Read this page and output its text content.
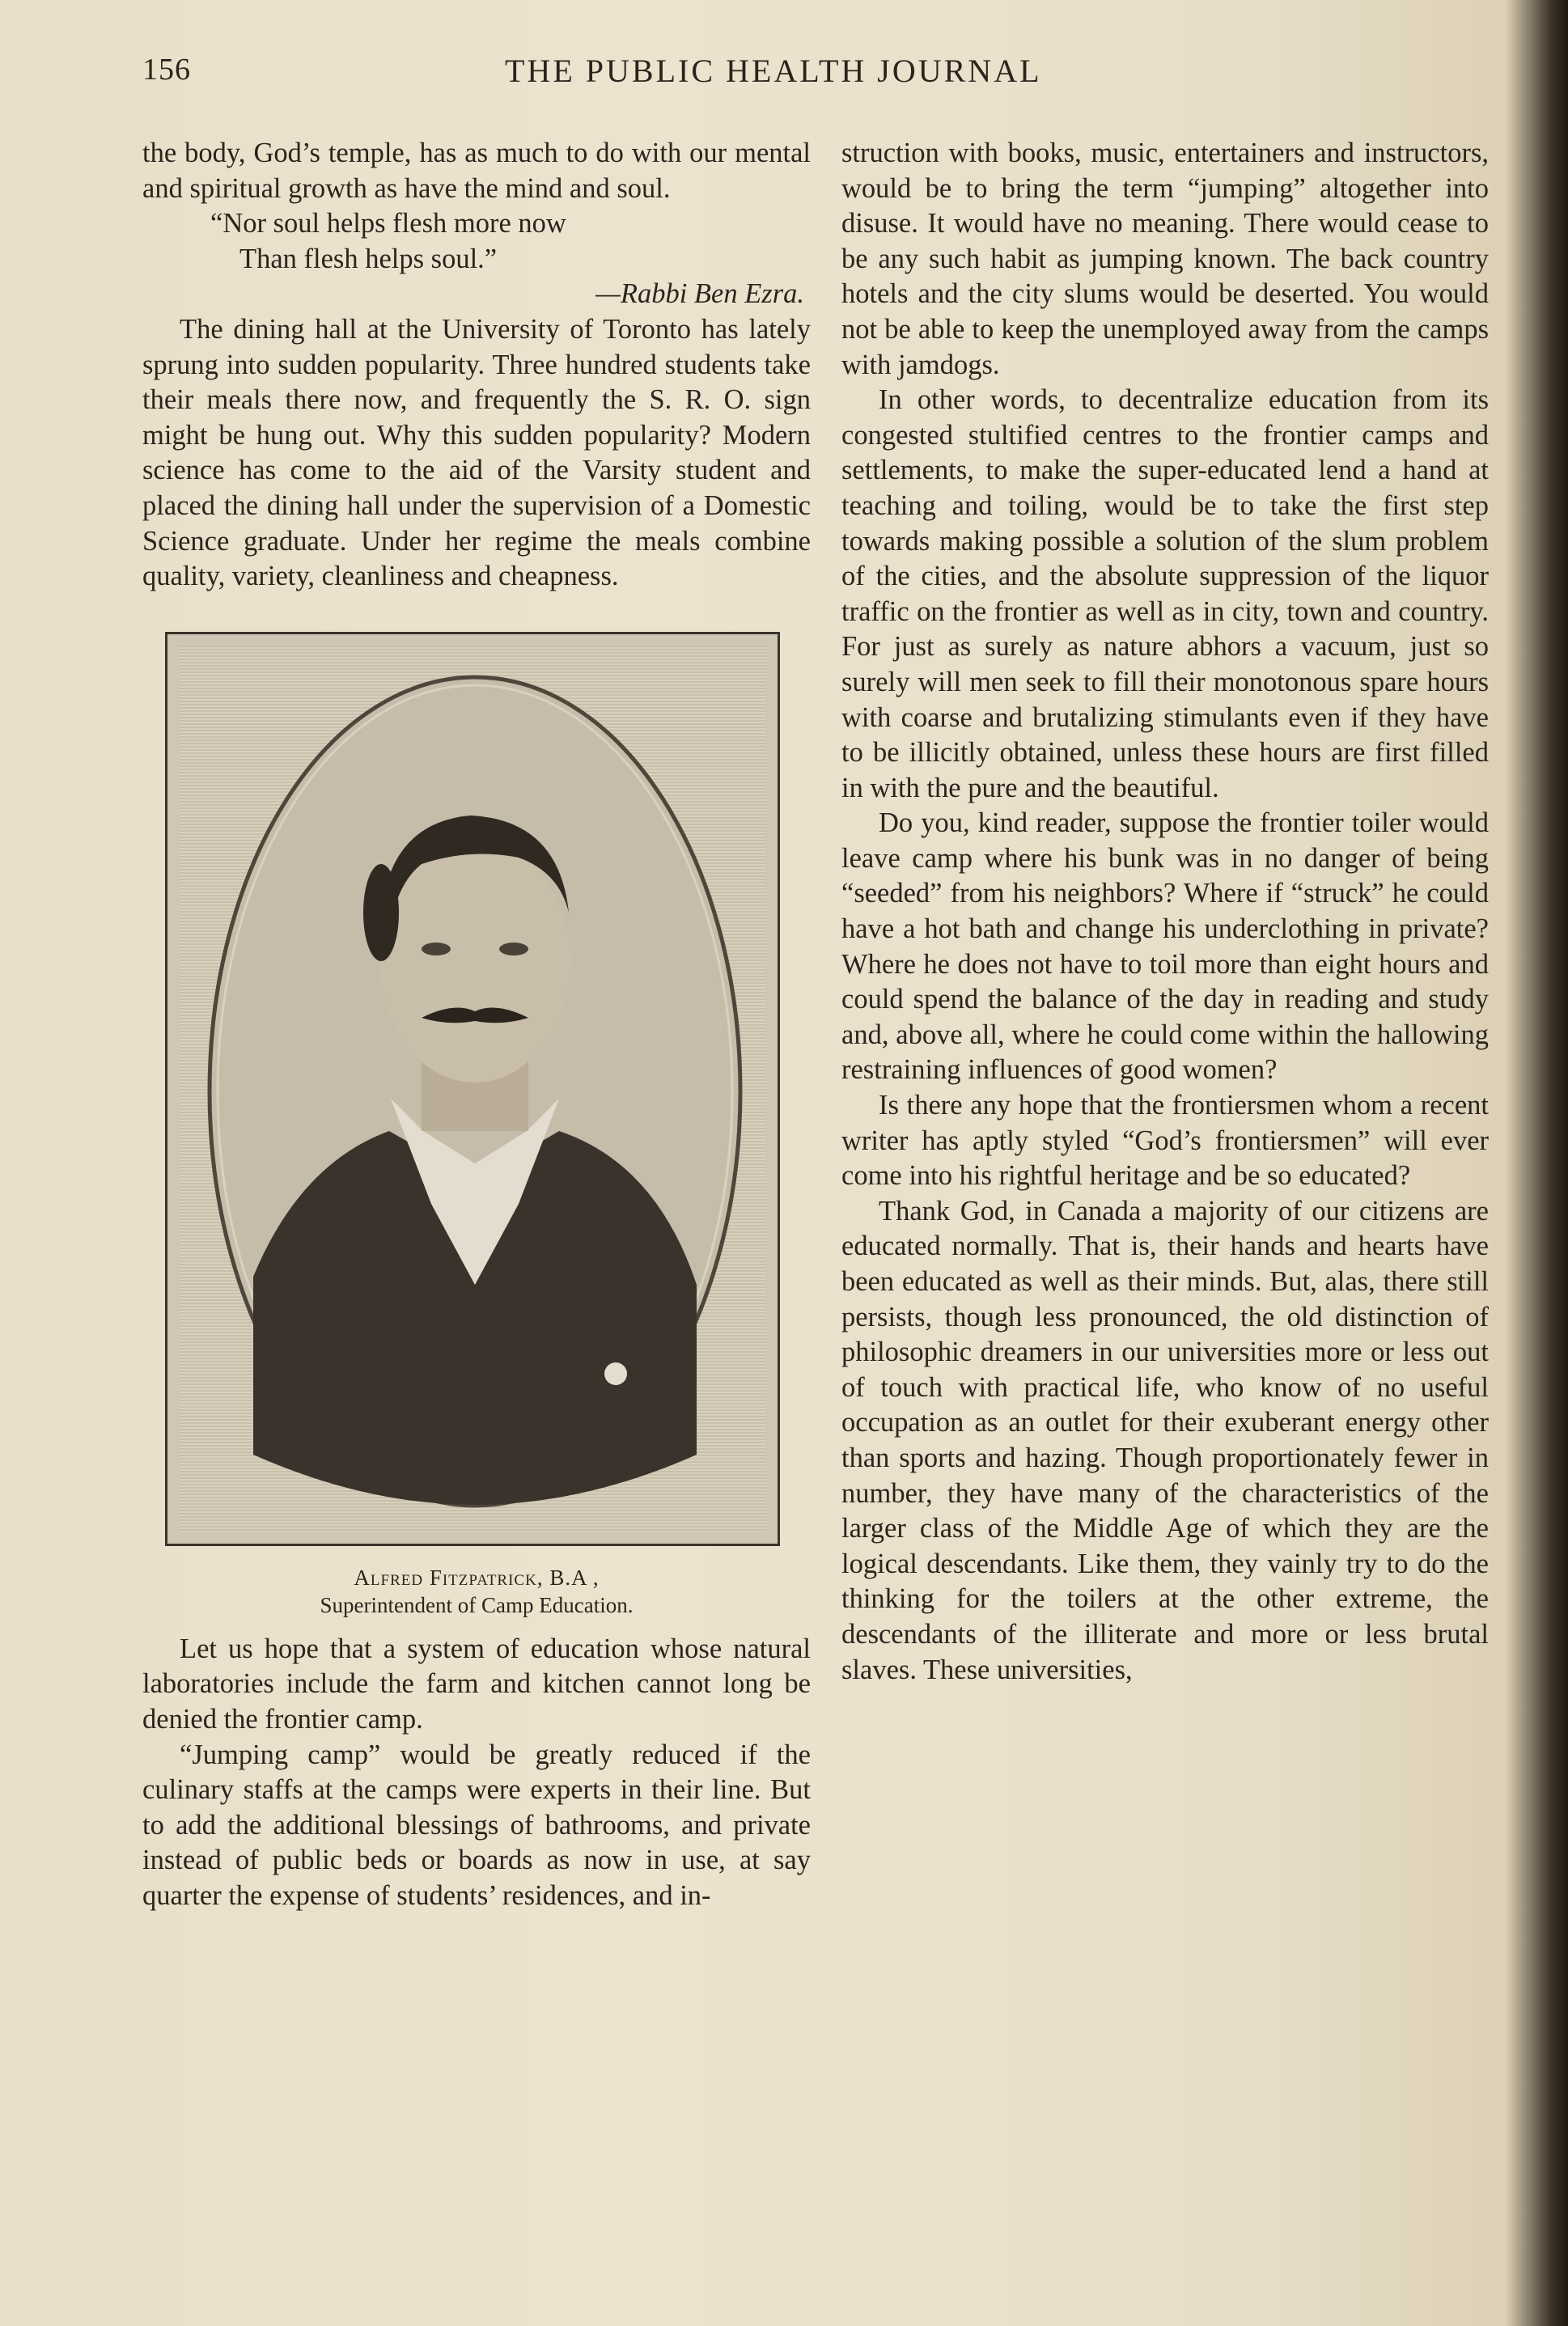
156	THE PUBLIC HEALTH JOURNAL

the body, God’s temple, has as much to do with our mental and spiritual growth as have the mind and soul.

“Nor soul helps flesh more now
Than flesh helps soul.”
—Rabbi Ben Ezra.

The dining hall at the University of Toronto has lately sprung into sudden popularity. Three hundred students take their meals there now, and frequently the S. R. O. sign might be hung out. Why this sudden popularity? Modern science has come to the aid of the Varsity student and placed the dining hall under the supervision of a Domestic Science graduate. Under her regime the meals combine quality, variety, cleanliness and cheapness.

Alfred Fitzpatrick, B.A ,
Superintendent of Camp Education.

Let us hope that a system of education whose natural laboratories include the farm and kitchen cannot long be denied the frontier camp.

“Jumping camp” would be greatly reduced if the culinary staffs at the camps were experts in their line. But to add the additional blessings of bathrooms, and private instead of public beds or boards as now in use, at say quarter the expense of students’ residences, and in-

struction with books, music, entertainers and instructors, would be to bring the term “jumping” altogether into disuse. It would have no meaning. There would cease to be any such habit as jumping known. The back country hotels and the city slums would be deserted. You would not be able to keep the unemployed away from the camps with jamdogs.

In other words, to decentralize education from its congested stultified centres to the frontier camps and settlements, to make the super-educated lend a hand at teaching and toiling, would be to take the first step towards making possible a solution of the slum problem of the cities, and the absolute suppression of the liquor traffic on the frontier as well as in city, town and country. For just as surely as nature abhors a vacuum, just so surely will men seek to fill their monotonous spare hours with coarse and brutalizing stimulants even if they have to be illicitly obtained, unless these hours are first filled in with the pure and the beautiful.

Do you, kind reader, suppose the frontier toiler would leave camp where his bunk was in no danger of being “seeded” from his neighbors? Where if “struck” he could have a hot bath and change his underclothing in private? Where he does not have to toil more than eight hours and could spend the balance of the day in reading and study and, above all, where he could come within the hallowing restraining influences of good women?

Is there any hope that the frontiersmen whom a recent writer has aptly styled “God’s frontiersmen” will ever come into his rightful heritage and be so educated?

Thank God, in Canada a majority of our citizens are educated normally. That is, their hands and hearts have been educated as well as their minds. But, alas, there still persists, though less pronounced, the old distinction of philosophic dreamers in our universities more or less out of touch with practical life, who know of no useful occupation as an outlet for their exuberant energy other than sports and hazing. Though proportionately fewer in number, they have many of the characteristics of the larger class of the Middle Age of which they are the logical descendants. Like them, they vainly try to do the thinking for the toilers at the other extreme, the descendants of the illiterate and more or less brutal slaves. These universities,
